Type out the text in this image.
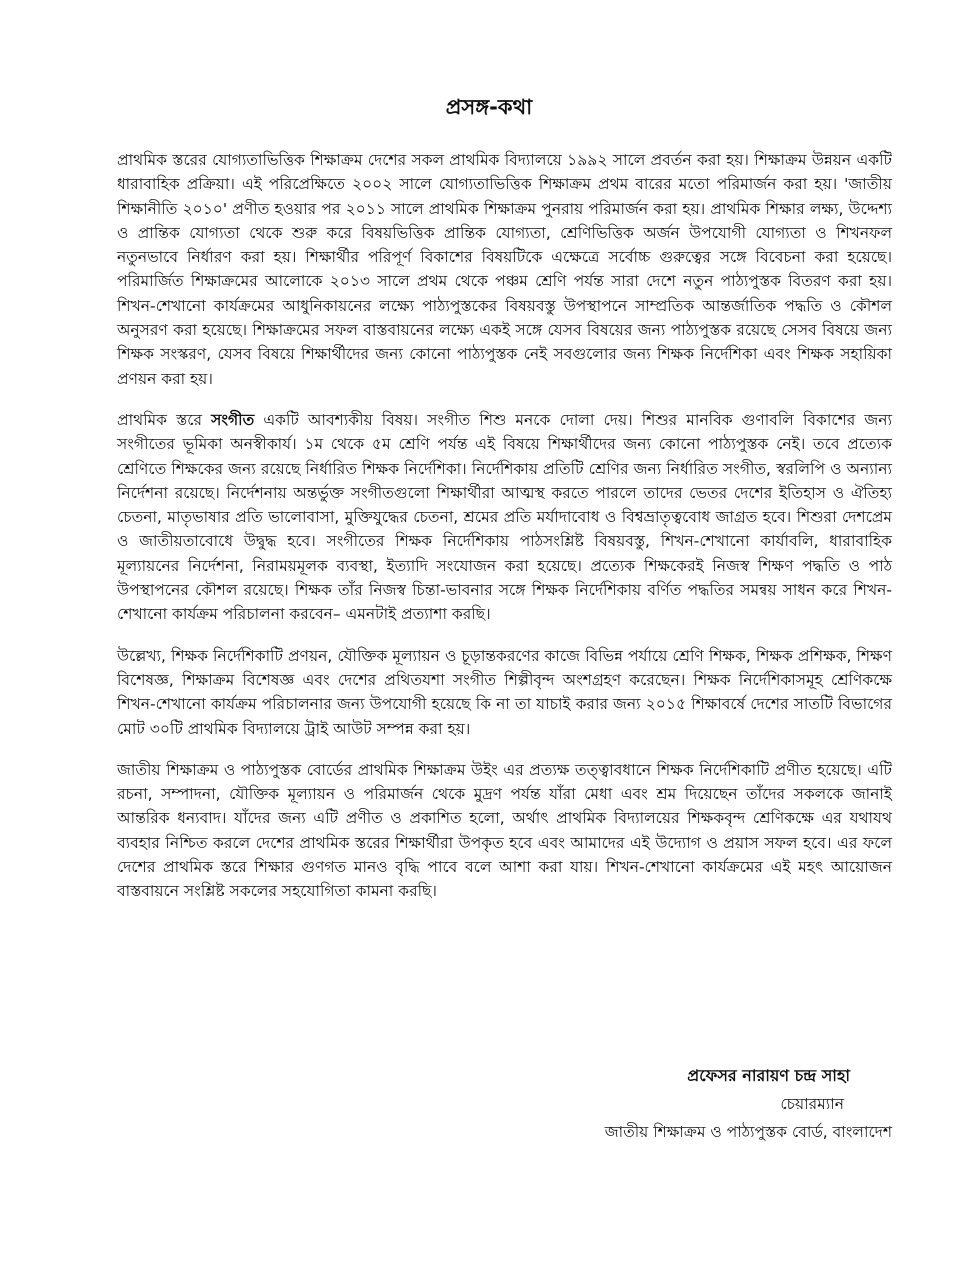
প্রসঙ্গ-কথা

প্রাথমিক স্তরের যোগ্যতাভিত্তিক শিক্ষাক্রম দেশের সকল প্রাথমিক বিদ্যালয়ে ১৯৯২ সালে প্রবর্তন করা হয়। শিক্ষাক্রম উন্নয়ন একটি ধারাবাহিক প্রক্রিয়া। এই পরিপ্রেক্ষিতে ২০০২ সালে যোগ্যতাভিত্তিক শিক্ষাক্রম প্রথম বারের মতো পরিমার্জন করা হয়। 'জাতীয় শিক্ষানীতি ২০১০' প্রণীত হওয়ার পর ২০১১ সালে প্রাথমিক শিক্ষাক্রম পুনরায় পরিমার্জন করা হয়। প্রাথমিক শিক্ষার লক্ষ্য, উদ্দেশ্য ও প্রান্তিক যোগ্যতা থেকে শুরু করে বিষয়ভিত্তিক প্রান্তিক যোগ্যতা, শ্রেণিভিত্তিক অর্জন উপযোগী যোগ্যতা ও শিখনফল নতুনভাবে নির্ধারণ করা হয়। শিক্ষার্থীর পরিপূর্ণ বিকাশের বিষয়টিকে এক্ষেত্রে সর্বোচ্চ গুরুত্বের সঙ্গে বিবেচনা করা হয়েছে। পরিমার্জিত শিক্ষাক্রমের আলোকে ২০১৩ সালে প্রথম থেকে পঞ্চম শ্রেণি পর্যন্ত সারা দেশে নতুন পাঠ্যপুস্তক বিতরণ করা হয়। শিখন-শেখানো কার্যক্রমের আধুনিকায়নের লক্ষ্যে পাঠ্যপুস্তকের বিষয়বস্তু উপস্থাপনে সাম্প্রতিক আন্তর্জাতিক পদ্ধতি ও কৌশল অনুসরণ করা হয়েছে। শিক্ষাক্রমের সফল বাস্তবায়নের লক্ষ্যে একই সঙ্গে যেসব বিষয়ের জন্য পাঠ্যপুস্তক রয়েছে সেসব বিষয়ে জন্য শিক্ষক সংস্করণ, যেসব বিষয়ে শিক্ষার্থীদের জন্য কোনো পাঠ্যপুস্তক নেই সবগুলোর জন্য শিক্ষক নির্দেশিকা এবং শিক্ষক সহায়িকা প্রণয়ন করা হয়।

প্রাথমিক স্তরে সংগীত একটি আবশ্যকীয় বিষয়। সংগীত শিশু মনকে দোলা দেয়। শিশুর মানবিক গুণাবলি বিকাশের জন্য সংগীতের ভূমিকা অনস্বীকার্য। ১ম থেকে ৫ম শ্রেণি পর্যন্ত এই বিষয়ে শিক্ষার্থীদের জন্য কোনো পাঠ্যপুস্তক নেই। তবে প্রত্যেক শ্রেণিতে শিক্ষকের জন্য রয়েছে নির্ধারিত শিক্ষক নির্দেশিকা। নির্দেশিকায় প্রতিটি শ্রেণির জন্য নির্ধারিত সংগীত, স্বরলিপি ও অন্যান্য নির্দেশনা রয়েছে। নির্দেশনায় অন্তর্ভুক্ত সংগীতগুলো শিক্ষার্থীরা আত্মস্থ করতে পারলে তাদের ভেতর দেশের ইতিহাস ও ঐতিহ্য চেতনা, মাতৃভাষার প্রতি ভালোবাসা, মুক্তিযুদ্ধের চেতনা, শ্রমের প্রতি মর্যাদাবোধ ও বিশ্বভ্রাতৃত্ববোধ জাগ্রত হবে। শিশুরা দেশপ্রেম ও জাতীয়তাবোধে উদ্বুদ্ধ হবে। সংগীতের শিক্ষক নির্দেশিকায় পাঠসংশ্লিষ্ট বিষয়বস্তু, শিখন-শেখানো কার্যাবলি, ধারাবাহিক মূল্যায়নের নির্দেশনা, নিরাময়মূলক ব্যবস্থা, ইত্যাদি সংযোজন করা হয়েছে। প্রত্যেক শিক্ষকেরই নিজস্ব শিক্ষণ পদ্ধতি ও পাঠ উপস্থাপনের কৌশল রয়েছে। শিক্ষক তাঁর নিজস্ব চিন্তা-ভাবনার সঙ্গে শিক্ষক নির্দেশিকায় বর্ণিত পদ্ধতির সমন্বয় সাধন করে শিখন-শেখানো কার্যক্রম পরিচালনা করবেন– এমনটাই প্রত্যাশা করছি।

উল্লেখ্য, শিক্ষক নির্দেশিকাটি প্রণয়ন, যৌক্তিক মূল্যায়ন ও চূড়ান্তকরণের কাজে বিভিন্ন পর্যায়ে শ্রেণি শিক্ষক, শিক্ষক প্রশিক্ষক, শিক্ষণ বিশেষজ্ঞ, শিক্ষাক্রম বিশেষজ্ঞ এবং দেশের প্রথিতযশা সংগীত শিল্পীবৃন্দ অংশগ্রহণ করেছেন। শিক্ষক নির্দেশিকাসমূহ শ্রেণিকক্ষে শিখন-শেখানো কার্যক্রম পরিচালনার জন্য উপযোগী হয়েছে কি না তা যাচাই করার জন্য ২০১৫ শিক্ষাবর্ষে দেশের সাতটি বিভাগের মোট ৩০টি প্রাথমিক বিদ্যালয়ে ট্রাই আউট সম্পন্ন করা হয়।

জাতীয় শিক্ষাক্রম ও পাঠ্যপুস্তক বোর্ডের প্রাথমিক শিক্ষাক্রম উইং এর প্রত্যক্ষ তত্ত্বাবধানে শিক্ষক নির্দেশিকাটি প্রণীত হয়েছে। এটি রচনা, সম্পাদনা, যৌক্তিক মূল্যায়ন ও পরিমার্জন থেকে মুদ্রণ পর্যন্ত যাঁরা মেধা এবং শ্রম দিয়েছেন তাঁদের সকলকে জানাই আন্তরিক ধন্যবাদ। যাঁদের জন্য এটি প্রণীত ও প্রকাশিত হলো, অর্থাৎ প্রাথমিক বিদ্যালয়ের শিক্ষকবৃন্দ শ্রেণিকক্ষে এর যথাযথ ব্যবহার নিশ্চিত করলে দেশের প্রাথমিক স্তরের শিক্ষার্থীরা উপকৃত হবে এবং আমাদের এই উদ্যোগ ও প্রয়াস সফল হবে। এর ফলে দেশের প্রাথমিক স্তরে শিক্ষার গুণগত মানও বৃদ্ধি পাবে বলে আশা করা যায়। শিখন-শেখানো কার্যক্রমের এই মহৎ আয়োজন বাস্তবায়নে সংশ্লিষ্ট সকলের সহযোগিতা কামনা করছি।

প্রফেসর নারায়ণ চন্দ্র সাহা
চেয়ারম্যান
জাতীয় শিক্ষাক্রম ও পাঠ্যপুস্তক বোর্ড, বাংলাদেশ
